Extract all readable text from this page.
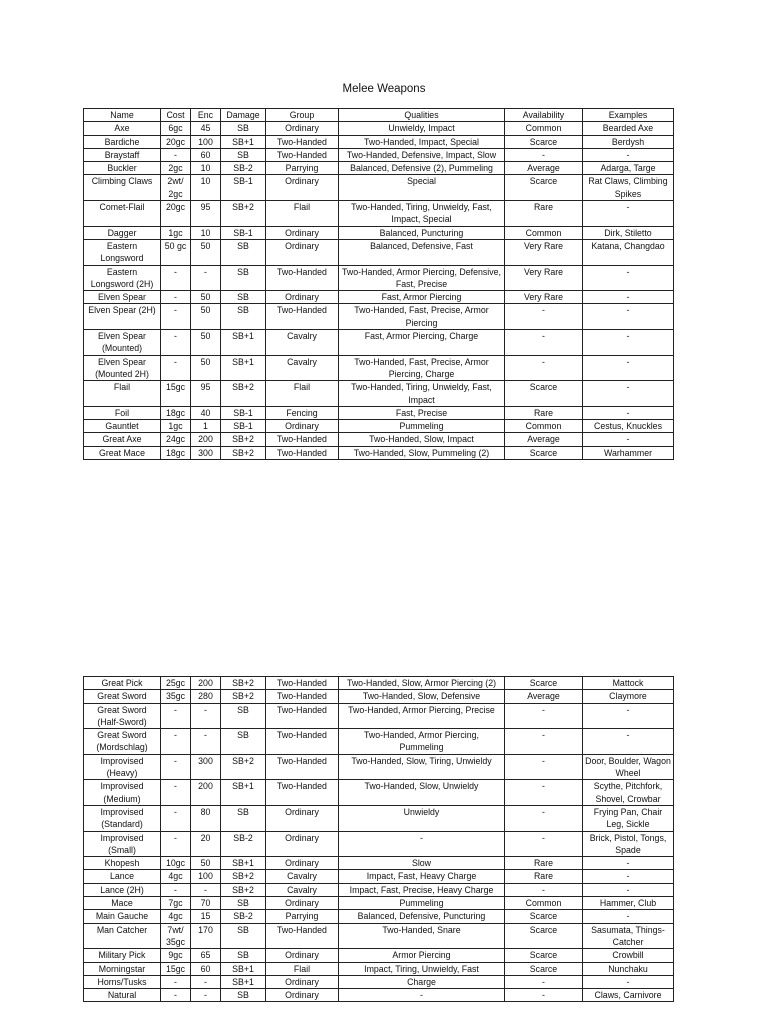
Melee Weapons
Name	Cost	Enc	Damage	Group	Qualities	Availability	Examples
Axe	6gc	45	SB	Ordinary	Unwieldy, Impact	Common	Bearded Axe
Bardiche	20gc	100	SB+1	Two-Handed	Two-Handed, Impact, Special	Scarce	Berdysh
Braystaff	-	60	SB	Two-Handed	Two-Handed, Defensive, Impact, Slow	-	-
Buckler	2gc	10	SB-2	Parrying	Balanced, Defensive (2), Pummeling	Average	Adarga, Targe
Climbing Claws	2wt/ 2gc	10	SB-1	Ordinary	Special	Scarce	Rat Claws, Climbing Spikes
Comet-Flail	20gc	95	SB+2	Flail	Two-Handed, Tiring, Unwieldy, Fast, Impact, Special	Rare	-
Dagger	1gc	10	SB-1	Ordinary	Balanced, Puncturing	Common	Dirk, Stiletto
Eastern Longsword	50 gc	50	SB	Ordinary	Balanced, Defensive, Fast	Very Rare	Katana, Changdao
Eastern Longsword (2H)	-	-	SB	Two-Handed	Two-Handed, Armor Piercing, Defensive, Fast, Precise	Very Rare	-
Elven Spear	-	50	SB	Ordinary	Fast, Armor Piercing	Very Rare	-
Elven Spear (2H)	-	50	SB	Two-Handed	Two-Handed, Fast, Precise, Armor Piercing	-	-
Elven Spear (Mounted)	-	50	SB+1	Cavalry	Fast, Armor Piercing, Charge	-	-
Elven Spear (Mounted 2H)	-	50	SB+1	Cavalry	Two-Handed, Fast, Precise, Armor Piercing, Charge	-	-
Flail	15gc	95	SB+2	Flail	Two-Handed, Tiring, Unwieldy, Fast, Impact	Scarce	-
Foil	18gc	40	SB-1	Fencing	Fast, Precise	Rare	-
Gauntlet	1gc	1	SB-1	Ordinary	Pummeling	Common	Cestus, Knuckles
Great Axe	24gc	200	SB+2	Two-Handed	Two-Handed, Slow, Impact	Average	-
Great Mace	18gc	300	SB+2	Two-Handed	Two-Handed, Slow, Pummeling (2)	Scarce	Warhammer
Great Pick	25gc	200	SB+2	Two-Handed	Two-Handed, Slow, Armor Piercing (2)	Scarce	Mattock
Great Sword	35gc	280	SB+2	Two-Handed	Two-Handed, Slow, Defensive	Average	Claymore
Great Sword (Half-Sword)	-	-	SB	Two-Handed	Two-Handed, Armor Piercing, Precise	-	-
Great Sword (Mordschlag)	-	-	SB	Two-Handed	Two-Handed, Armor Piercing, Pummeling	-	-
Improvised (Heavy)	-	300	SB+2	Two-Handed	Two-Handed, Slow, Tiring, Unwieldy	-	Door, Boulder, Wagon Wheel
Improvised (Medium)	-	200	SB+1	Two-Handed	Two-Handed, Slow, Unwieldy	-	Scythe, Pitchfork, Shovel, Crowbar
Improvised (Standard)	-	80	SB	Ordinary	Unwieldy	-	Frying Pan, Chair Leg, Sickle
Improvised (Small)	-	20	SB-2	Ordinary	-	-	Brick, Pistol, Tongs, Spade
Khopesh	10gc	50	SB+1	Ordinary	Slow	Rare	-
Lance	4gc	100	SB+2	Cavalry	Impact, Fast, Heavy Charge	Rare	-
Lance (2H)	-	-	SB+2	Cavalry	Impact, Fast, Precise, Heavy Charge	-	-
Mace	7gc	70	SB	Ordinary	Pummeling	Common	Hammer, Club
Main Gauche	4gc	15	SB-2	Parrying	Balanced, Defensive, Puncturing	Scarce	-
Man Catcher	7wt/ 35gc	170	SB	Two-Handed	Two-Handed, Snare	Scarce	Sasumata, Things-Catcher
Military Pick	9gc	65	SB	Ordinary	Armor Piercing	Scarce	Crowbill
Morningstar	15gc	60	SB+1	Flail	Impact, Tiring, Unwieldy, Fast	Scarce	Nunchaku
Horns/Tusks	-	-	SB+1	Ordinary	Charge	-	-
Natural	-	-	SB	Ordinary	-	-	Claws, Carnivore
